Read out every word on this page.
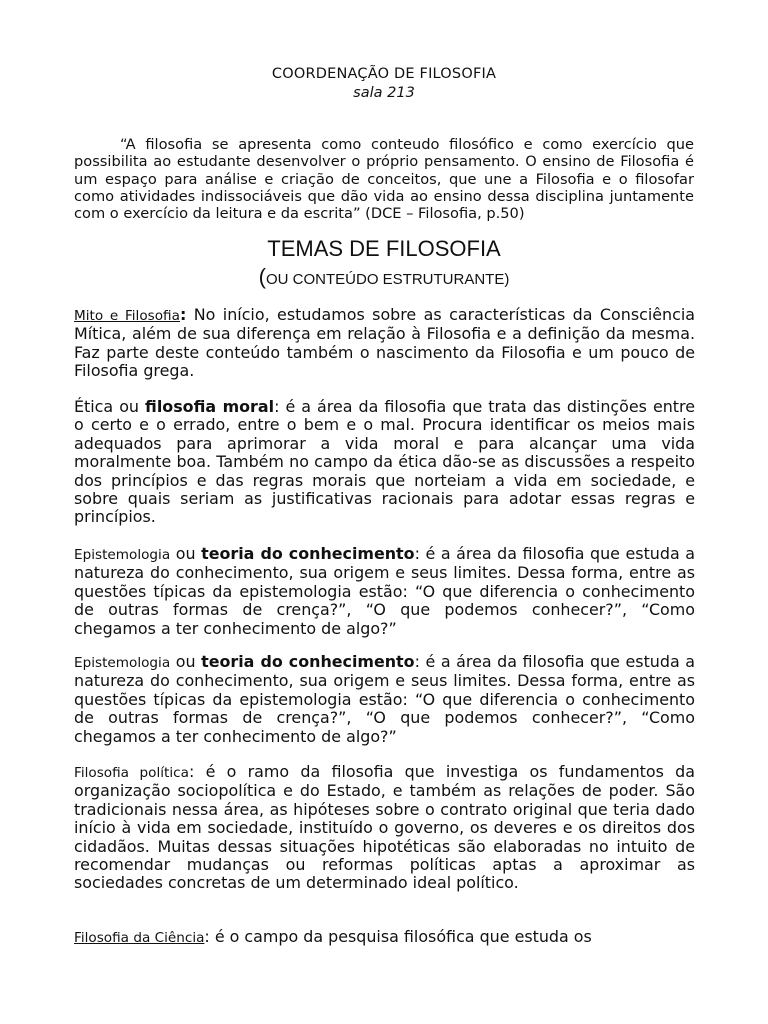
COORDENAÇÃO DE FILOSOFIA
sala 213

“A filosofia se apresenta como conteudo filosófico e como exercício que possibilita ao estudante desenvolver o próprio pensamento. O ensino de Filosofia é um espaço para análise e criação de conceitos, que une a Filosofia e o filosofar como atividades indissociáveis que dão vida ao ensino dessa disciplina juntamente com o exercício da leitura e da escrita” (DCE – Filosofia, p.50)

TEMAS DE FILOSOFIA
(OU CONTEÚDO ESTRUTURANTE)

Mito e Filosofia: No início, estudamos sobre as características da Consciência Mítica, além de sua diferença em relação à Filosofia e a definição da mesma. Faz parte deste conteúdo também o nascimento da Filosofia e um pouco de Filosofia grega.

Ética ou filosofia moral: é a área da filosofia que trata das distinções entre o certo e o errado, entre o bem e o mal. Procura identificar os meios mais adequados para aprimorar a vida moral e para alcançar uma vida moralmente boa. Também no campo da ética dão-se as discussões a respeito dos princípios e das regras morais que norteiam a vida em sociedade, e sobre quais seriam as justificativas racionais para adotar essas regras e princípios.

Epistemologia ou teoria do conhecimento: é a área da filosofia que estuda a natureza do conhecimento, sua origem e seus limites. Dessa forma, entre as questões típicas da epistemologia estão: “O que diferencia o conhecimento de outras formas de crença?”, “O que podemos conhecer?”, “Como chegamos a ter conhecimento de algo?”

Epistemologia ou teoria do conhecimento: é a área da filosofia que estuda a natureza do conhecimento, sua origem e seus limites. Dessa forma, entre as questões típicas da epistemologia estão: “O que diferencia o conhecimento de outras formas de crença?”, “O que podemos conhecer?”, “Como chegamos a ter conhecimento de algo?”

Filosofia política: é o ramo da filosofia que investiga os fundamentos da organização sociopolítica e do Estado, e também as relações de poder. São tradicionais nessa área, as hipóteses sobre o contrato original que teria dado início à vida em sociedade, instituído o governo, os deveres e os direitos dos cidadãos. Muitas dessas situações hipotéticas são elaboradas no intuito de recomendar mudanças ou reformas políticas aptas a aproximar as sociedades concretas de um determinado ideal político.

Filosofia da Ciência: é o campo da pesquisa filosófica que estuda os
